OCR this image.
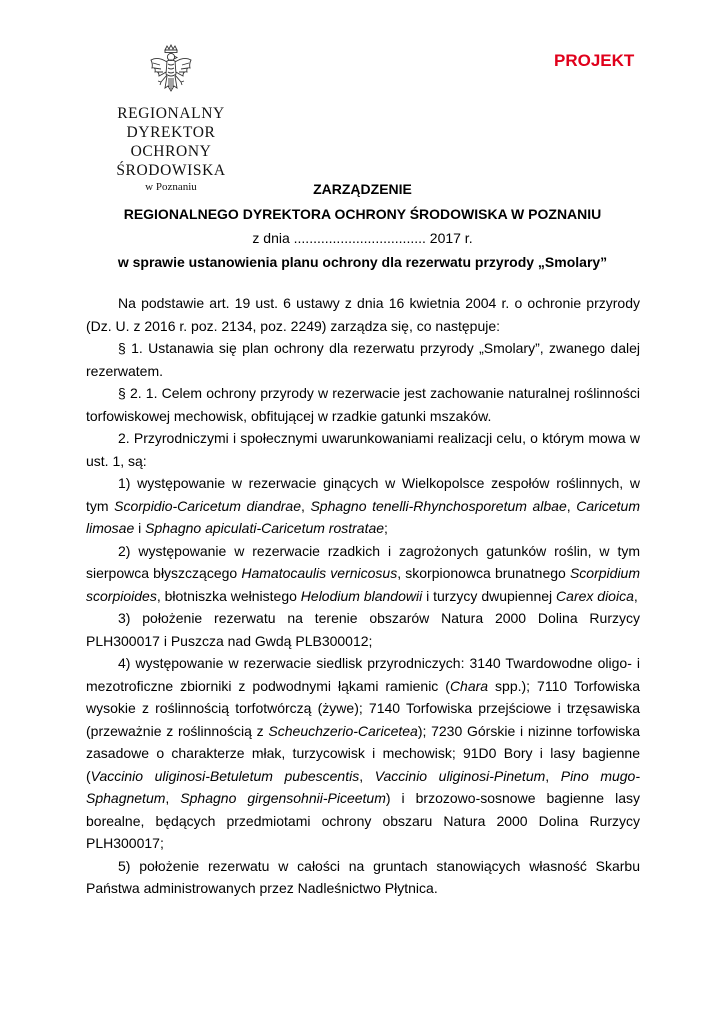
REGIONALNY DYREKTOR
OCHRONY ŚRODOWISKA
w Poznaniu
PROJEKT
ZARZĄDZENIE
REGIONALNEGO DYREKTORA OCHRONY ŚRODOWISKA W POZNANIU
z dnia .................................. 2017 r.
w sprawie ustanowienia planu ochrony dla rezerwatu przyrody „Smolary”

Na podstawie art. 19 ust. 6 ustawy z dnia 16 kwietnia 2004 r. o ochronie przyrody (Dz. U. z 2016 r. poz. 2134, poz. 2249) zarządza się, co następuje:

§ 1. Ustanawia się plan ochrony dla rezerwatu przyrody „Smolary”, zwanego dalej rezerwatem.

§ 2. 1. Celem ochrony przyrody w rezerwacie jest zachowanie naturalnej roślinności torfowiskowej mechowisk, obfitującej w rzadkie gatunki mszaków.

2. Przyrodniczymi i społecznymi uwarunkowaniami realizacji celu, o którym mowa w ust. 1, są:

1) występowanie w rezerwacie ginących w Wielkopolsce zespołów roślinnych, w tym Scorpidio-Caricetum diandrae, Sphagno tenelli-Rhynchosporetum albae, Caricetum limosae i Sphagno apiculati-Caricetum rostratae;

2) występowanie w rezerwacie rzadkich i zagrożonych gatunków roślin, w tym sierpowca błyszczącego Hamatocaulis vernicosus, skorpionowca brunatnego Scorpidium scorpioides, błotniszka wełnistego Helodium blandowii i turzycy dwupiennej Carex dioica,

3) położenie rezerwatu na terenie obszarów Natura 2000 Dolina Rurzycy PLH300017 i Puszcza nad Gwdą PLB300012;

4) występowanie w rezerwacie siedlisk przyrodniczych: 3140 Twardowodne oligo- i mezotroficzne zbiorniki z podwodnymi łąkami ramienic (Chara spp.); 7110 Torfowiska wysokie z roślinnością torfotwórczą (żywe); 7140 Torfowiska przejściowe i trzęsawiska (przeważnie z roślinnością z Scheuchzerio-Caricetea); 7230 Górskie i nizinne torfowiska zasadowe o charakterze młak, turzycowisk i mechowisk; 91D0 Bory i lasy bagienne (Vaccinio uliginosi-Betuletum pubescentis, Vaccinio uliginosi-Pinetum, Pino mugo-Sphagnetum, Sphagno girgensohnii-Piceetum) i brzozowo-sosnowe bagienne lasy borealne, będących przedmiotami ochrony obszaru Natura 2000 Dolina Rurzycy PLH300017;

5) położenie rezerwatu w całości na gruntach stanowiących własność Skarbu Państwa administrowanych przez Nadleśnictwo Płytnica.
